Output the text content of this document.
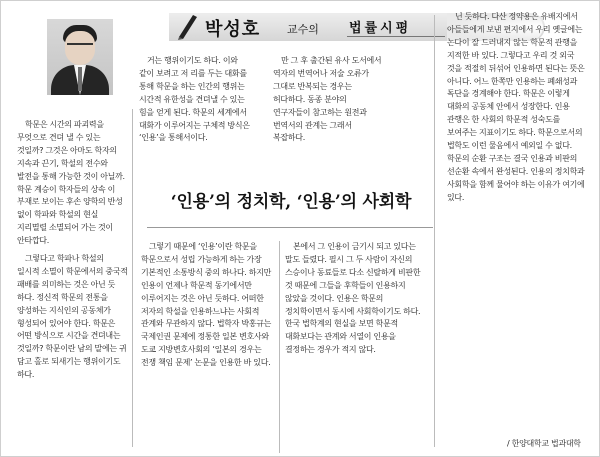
박성호 교수의 법률시평

학문은 시간의 파괴력을 무엇으로 견뎌 낼 수 있는 것일까? 그것은 아마도 학자의 지속과 끈기, 학설의 전수와 발전을 통해 가능한 것이 아닐까. 학문 계승이 학자들의 상속 이 부재로 보이는 후손 양학의 반성 없이 학파와 학설의 현실 지리멸렬 소멸되어 가는 것이 안타깝다.

그렇다고 학파나 학설의 일시적 소멸이 학문에서의 중국적 패배를 의미하는 것은 아닌 듯 하다. 정신적 학문의 전통을 양성하는 지식인의 공동체가 형성되어 있어야 한다. 학문은 어떤 방식으로 시간을 견뎌내는 것일까? 학문이란 남의 말에는 귀 담고 홀로 되새기는 행위이기도 하다.

거는 행위이기도 하다. 이와 같이 보려고 저 리를 두는 대화를 통해 학문을 하는 인간의 행위는 시간적 유한성을 견뎌낼 수 있는 힘을 얻게 된다. 학문의 세계에서 대화가 이루어지는 구체적 방식은 ‘인용’을 통해서이다.

만 그 후 출간된 유사 도서에서 역자의 번역어나 저술 오류가 그대로 반복되는 경우는 허다하다. 동종 분야의 연구자들이 참고하는 원전과 번역서의 관계는 그래서 복잡하다.

‘인용’의 정치학, ‘인용’의 사회학

그렇기 때문에 ‘인용’이란 학문을 학문으로서 성립 가능하게 하는 가장 기본적인 소통방식 중의 하나다. 하지만 인용이 언제나 학문적 동기에서만 이루어지는 것은 아닌 듯하다. 어떠한 저자의 학설을 인용하느냐는 사회적 관계와 무관하지 않다. 법학자 박홍규는 국제인권 문제에 정통한 일본 변호사와 도쿄 지방변호사회의 ‘일본의 경우는 전쟁 책임 문제’ 논문을 인용한 바 있다.

본에서 그 인용이 금기시 되고 있다는 말도 들렸다. 필시 그 두 사람이 자신의 스승이나 동료들로 다소 신랄하게 비판한 것 때문에 그들을 후학들이 인용하지 않았을 것이다. 인용은 학문의 정치학이면서 동시에 사회학이기도 하다. 한국 법학계의 현실을 보면 학문적 대화보다는 관계와 서열이 인용을 결정하는 경우가 적지 않다.

닌 듯하다. 다산 정약용은 유배지에서 아들들에게 보낸 편지에서 우리 옛글에는 논다이 잘 드러내지 않는 학문적 관행을 지적한 바 있다. 그렇다고 우리 것 외국 것을 적절히 뒤섞어 인용하면 된다는 뜻은 아니다. 어느 한쪽만 인용하는 폐쇄성과 독단을 경계해야 한다. 학문은 이렇게 대화의 공동체 안에서 성장한다. 인용 관행은 한 사회의 학문적 성숙도를 보여주는 지표이기도 하다. 학문으로서의 법학도 이런 물음에서 예외일 수 없다. 학문의 순환 구조는 결국 인용과 비판의 선순환 속에서 완성된다. 인용의 정치학과 사회학을 함께 물어야 하는 이유가 여기에 있다.

/ 한양대학교 법과대학
